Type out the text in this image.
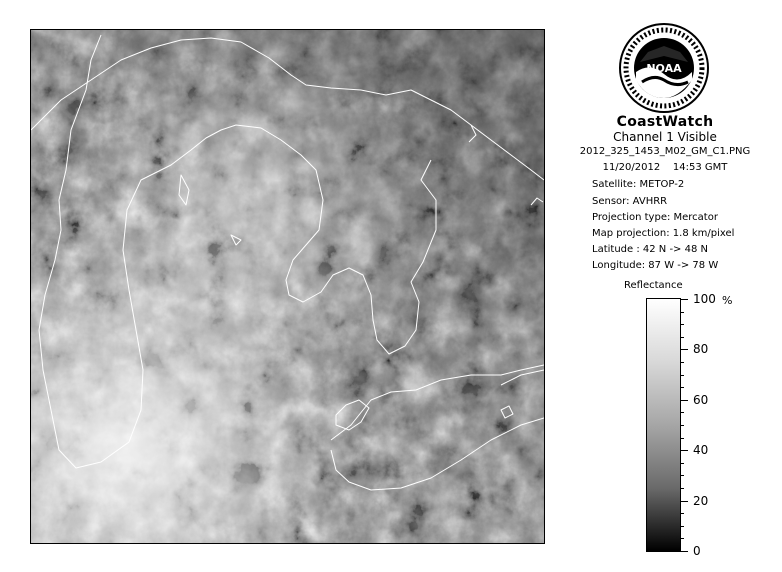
NOAA
CoastWatch
Channel 1 Visible
2012_325_1453_M02_GM_C1.PNG
11/20/2012    14:53 GMT
Satellite: METOP-2
Sensor: AVHRR
Projection type: Mercator
Map projection: 1.8 km/pixel
Latitude : 42 N -> 48 N
Longitude: 87 W -> 78 W
Reflectance
100
80
60
40
20
0
%
